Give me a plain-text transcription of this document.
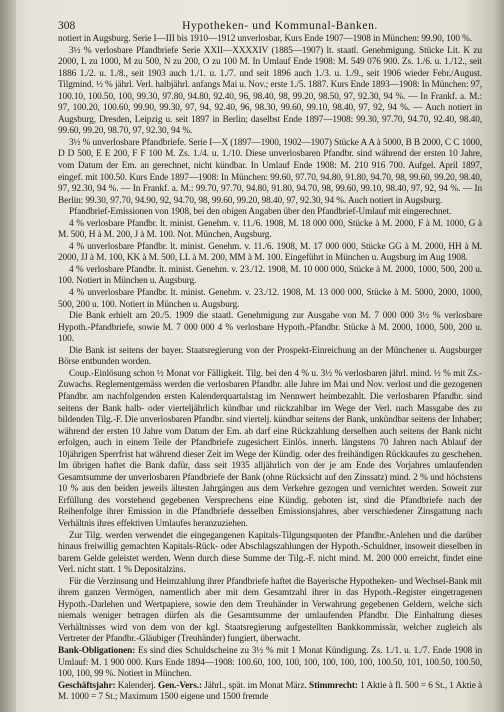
308	Hypotheken- und Kommunal-Banken.

notiert in Augsburg. Serie I—III bis 1910—1912 unverlosbar, Kurs Ende 1907—1908 in München: 99.90, 100 %.

3½ % verlosbare Pfandbriefe Serie XXII—XXXXIV (1885—1907) lt. staatl. Genehmigung. Stücke Lit. K zu 2000, L zu 1000, M zu 500, N zu 200, O zu 100 M. In Umlauf Ende 1908: M. 549 076 900. Zs. 1./6. u. 1./12., seit 1886 1./2. u. 1./8., seit 1903 auch 1./1. u. 1./7. und seit 1896 auch 1./3. u. 1./9., seit 1906 wieder Febr./August. Tilgmind. ½ % jährl. Verl. halbjährl. anfangs Mai u. Nov.; erste 1./5. 1887. Kurs Ende 1893—1908: In München: 97, 100.10, 100.50, 100, 99.30, 97.80, 94.80, 92.40, 96, 98.40, 98, 99.20, 98.50, 97, 92.30, 94 %. — In Frankf. a. M.: 97, 100.20, 100.60, 99.90, 99.30, 97, 94, 92.40, 96, 98.30, 99.60, 99.10, 98.40, 97, 92, 94 %. — Auch notiert in Augsburg, Dresden, Leipzig u. seit 1897 in Berlin; daselbst Ende 1897—1908: 99.30, 97.70, 94.70, 92.40, 98.40, 99.60, 99.20, 98.70, 97, 92.30, 94 %.

3½ % unverlosbare Pfandbriefe. Serie I—X (1897—1900, 1902—1907) Stücke A A à 5000, B B 2000, C C 1000, D D 500, E E 200, F F 100 M. Zs. 1./4. u. 1./10. Diese unverlosbaren Pfandbr. sind während der ersten 10 Jahre, vom Datum der Em. an gerechnet, nicht kündbar. In Umlauf Ende 1908: M. 210 916 700. Aufgel. April 1897, eingef. mit 100.50. Kurs Ende 1897—1908: In München: 99.60, 97.70, 94.80, 91.80, 94.70, 98, 99.60, 99.20, 98.40, 97, 92.30, 94 %. — In Frankf. a. M.: 99.70, 97.70, 94.80, 91.80, 94.70, 98, 99.60, 99.10, 98.40, 97, 92, 94 %. — In Berlin: 99.30, 97.70, 94.90, 92, 94.70, 98, 99.60, 99.20, 98.40, 97, 92.30, 94 %. Auch notiert in Augsburg.

Pfandbrief-Emissionen von 1908, bei den obigen Angaben über den Pfandbrief-Umlauf mit eingerechnet.

4 % verlosbare Pfandbr. lt. minist. Genehm. v. 11./6. 1908, M. 18 000 000, Stücke à M. 2000, F à M. 1000, G à M. 500, H à M. 200, J à M. 100. Not. München, Augsburg.

4 % unverlosbare Pfandbr. lt. minist. Genehm. v. 11./6. 1908, M. 17 000 000, Stücke GG à M. 2000, HH à M. 2000, JJ à M. 100, KK à M. 500, LL à M. 200, MM à M. 100. Eingeführt in München u. Augsburg im Aug 1908.

4 % verlosbare Pfandbr. lt. minist. Genehm. v. 23./12. 1908, M. 10 000 000, Stücke à M. 2000, 1000, 500, 200 u. 100. Notiert in München u. Augsburg.

4 % unverlosbare Pfandbr. lt. minist. Genehm. v. 23./12. 1908, M. 13 000 000, Stücke à M. 5000, 2000, 1000, 500, 200 u. 100. Notiert in München u. Augsburg.

Die Bank erhielt am 20./5. 1909 die staatl. Genehmigung zur Ausgabe von M. 7 000 000 3½ % verlosbare Hypoth.-Pfandbriefe, sowie M. 7 000 000 4 % verlosbare Hypoth.-Pfandbr. Stücke à M. 2000, 1000, 500, 200 u. 100.

Die Bank ist seitens der bayer. Staatsregierung von der Prospekt-Einreichung an der Münchener u. Augsburger Börse entbunden worden.

Coup.-Einlösung schon ½ Monat vor Fälligkeit. Tilg. bei den 4 % u. 3½ % verlosbaren jährl. mind. ½ % mit Zs.-Zuwachs. Reglementgemäss werden die verlosbaren Pfandbr. alle Jahre im Mai und Nov. verlost und die gezogenen Pfandbr. am nachfolgenden ersten Kalenderquartalstag im Nennwert heimbezahlt. Die verlosbaren Pfandbr. sind seitens der Bank halb- oder vierteljährlich kündbar und rückzahlbar im Wege der Verl. nach Massgabe des zu bildenden Tilg.-F. Die unverlosbaren Pfandbr. sind viertelj. kündbar seitens der Bank, unkündbar seitens der Inhaber; während der ersten 10 Jahre vom Datum der Em. ab darf eine Rückzahlung derselben auch seitens der Bank nicht erfolgen, auch in einem Teile der Pfandbriefe zugesichert Einlös. innerh. längstens 70 Jahren nach Ablauf der 10jährigen Sperrfrist hat während dieser Zeit im Wege der Kündig. oder des freihändigen Rückkaufes zu geschehen. Im übrigen haftet die Bank dafür, dass seit 1935 alljährlich von der je am Ende des Vorjahres umlaufenden Gesamtsumme der unverlosbaren Pfandbriefe der Bank (ohne Rücksicht auf den Zinssatz) mind. 2 % und höchstens 10 % aus den beiden jeweils ältesten Jahrgängen aus dem Verkehre gezogen und vernichtet werden. Soweit zur Erfüllung des vorstehend gegebenen Versprechens eine Kündig. geboten ist, sind die Pfandbriefe nach der Reihenfolge ihrer Emission in die Pfandbriefe desselben Emissionsjahres, aber verschiedener Zinsgattung nach Verhältnis ihres effektiven Umlaufes heranzuziehen.

Zur Tilg. werden verwendet die eingegangenen Kapitals-Tilgungsquoten der Pfandbr.-Anlehen und die darüber hinaus freiwillig gemachten Kapitals-Rück- oder Abschlagszahlungen der Hypoth.-Schuldner, insoweit dieselben in barem Gelde geleistet werden. Wenn durch diese Summe der Tilg.-F. nicht mind. M. 200 000 erreicht, findet eine Verl. nicht statt. 1 % Depositalzins.

Für die Verzinsung und Heimzahlung ihrer Pfandbriefe haftet die Bayerische Hypotheken- und Wechsel-Bank mit ihrem ganzen Vermögen, namentlich aber mit dem Gesamtzahl ihrer in das Hypoth.-Register eingetragenen Hypoth.-Darlehen und Wertpapiere, sowie den dem Treuhänder in Verwahrung gegebenen Geldern, welche sich niemals weniger betragen dürfen als die Gesamtsumme der umlaufenden Pfandbr. Die Einhaltung dieses Verhältnisses wird von dem von der kgl. Staatsregierung aufgestellten Bankkommissär, welcher zugleich als Vertreter der Pfandbr.-Gläubiger (Treuhänder) fungiert, überwacht.

Bank-Obligationen: Es sind dies Schuldscheine zu 3½ % mit 1 Monat Kündigung. Zs. 1./1. u. 1./7. Ende 1908 in Umlauf: M. 1 900 000. Kurs Ende 1894—1908: 100.60, 100, 100, 100, 100, 100, 100, 100.50, 101, 100.50, 100.50, 100, 100, 99 %. Notiert in München.

Geschäftsjahr: Kalenderj. Gen.-Vers.: Jährl., spät. im Monat März. Stimmrecht: 1 Aktie à fl. 500 = 6 St., 1 Aktie à M. 1000 = 7 St.; Maximum 1500 eigene und 1500 fremde
